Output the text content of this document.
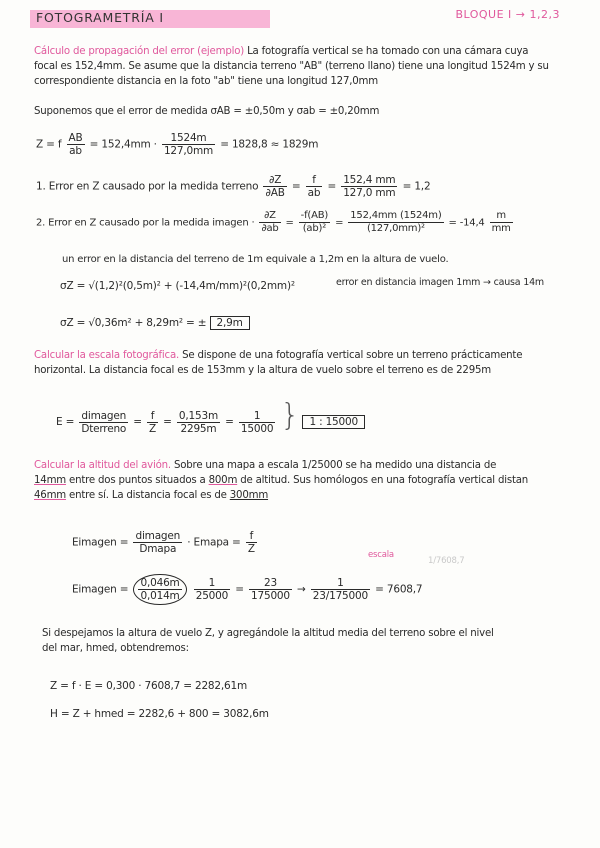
FOTOGRAMETRÍA I	BLOQUE I → 1,2,3
Cálculo de propagación del error (ejemplo) La fotografía vertical se ha tomado con una cámara cuya
focal es 152,4mm. Se asume que la distancia terreno "AB" (terreno llano) tiene una longitud 1524m y su
correspondiente distancia en la foto "ab" tiene una longitud 127,0mm
Suponemos que el error de medida σAB = ±0,50m y σab = ±0,20mm
Z = f $\frac{AB}{ab} = 152,4mm \cdot \frac{1524m}{127,0mm} = 1828,8 \approx 1829m$
1. Error en Z causado por la medida terreno $\frac{\partial Z}{\partial AB} = \frac{f}{ab} = \frac{152,4 mm}{127,0 mm} = 1,2$
2. Error en Z causado por la medida imagen · $\frac{\partial Z}{\partial ab} = \frac{-f(AB)}{\text{(ab)²}} = \frac{152,4mm (1524m)}{\text{(127,0mm)²}} = -14,4 \frac{m}{mm}$
un error en la distancia del terreno de 1m equivale a 1,2m en la altura de vuelo.
σZ = √(1,2)²(0,5m)² + (-14,4m/mm)²(0,2mm)²	error en distancia imagen 1mm → causa 14m
σZ = √0,36m² + 8,29m² = ± 2,9m
Calcular la escala fotográfica. Se dispone de una fotografía vertical sobre un terreno prácticamente
horizontal. La distancia focal es de 153mm y la altura de vuelo sobre el terreno es de 2295m
$E = \frac{\text{dimagen}}{\text{Dterreno}} = \frac{f}{Z} = \frac{0,153m}{2295m} = \frac{1}{15000}$ } 1 : 15000
Calcular la altitud del avión. Sobre una mapa a escala 1/25000 se ha medido una distancia de
14mm entre dos puntos situados a 800m de altitud. Sus homólogos en una fotografía vertical distan
46mm entre sí. La distancia focal es de 300mm
Eimagen = $\frac{\text{dimagen}}{\text{Dmapa}}$ · Emapa = $\frac{f}{Z}$	escala
1/7608,7
Eimagen = $\frac{0,046m}{0,014m}$
$\frac{1}{25000} = \frac{23}{175000} \to \frac{1}{23/175000} = 7608,7$
Si despejamos la altura de vuelo Z, y agregándole la altitud media del terreno sobre el nivel
del mar, hmed, obtendremos:
Z = f · E = 0,300 · 7608,7 = 2282,61m
H = Z + hmed = 2282,6 + 800 = 3082,6m
